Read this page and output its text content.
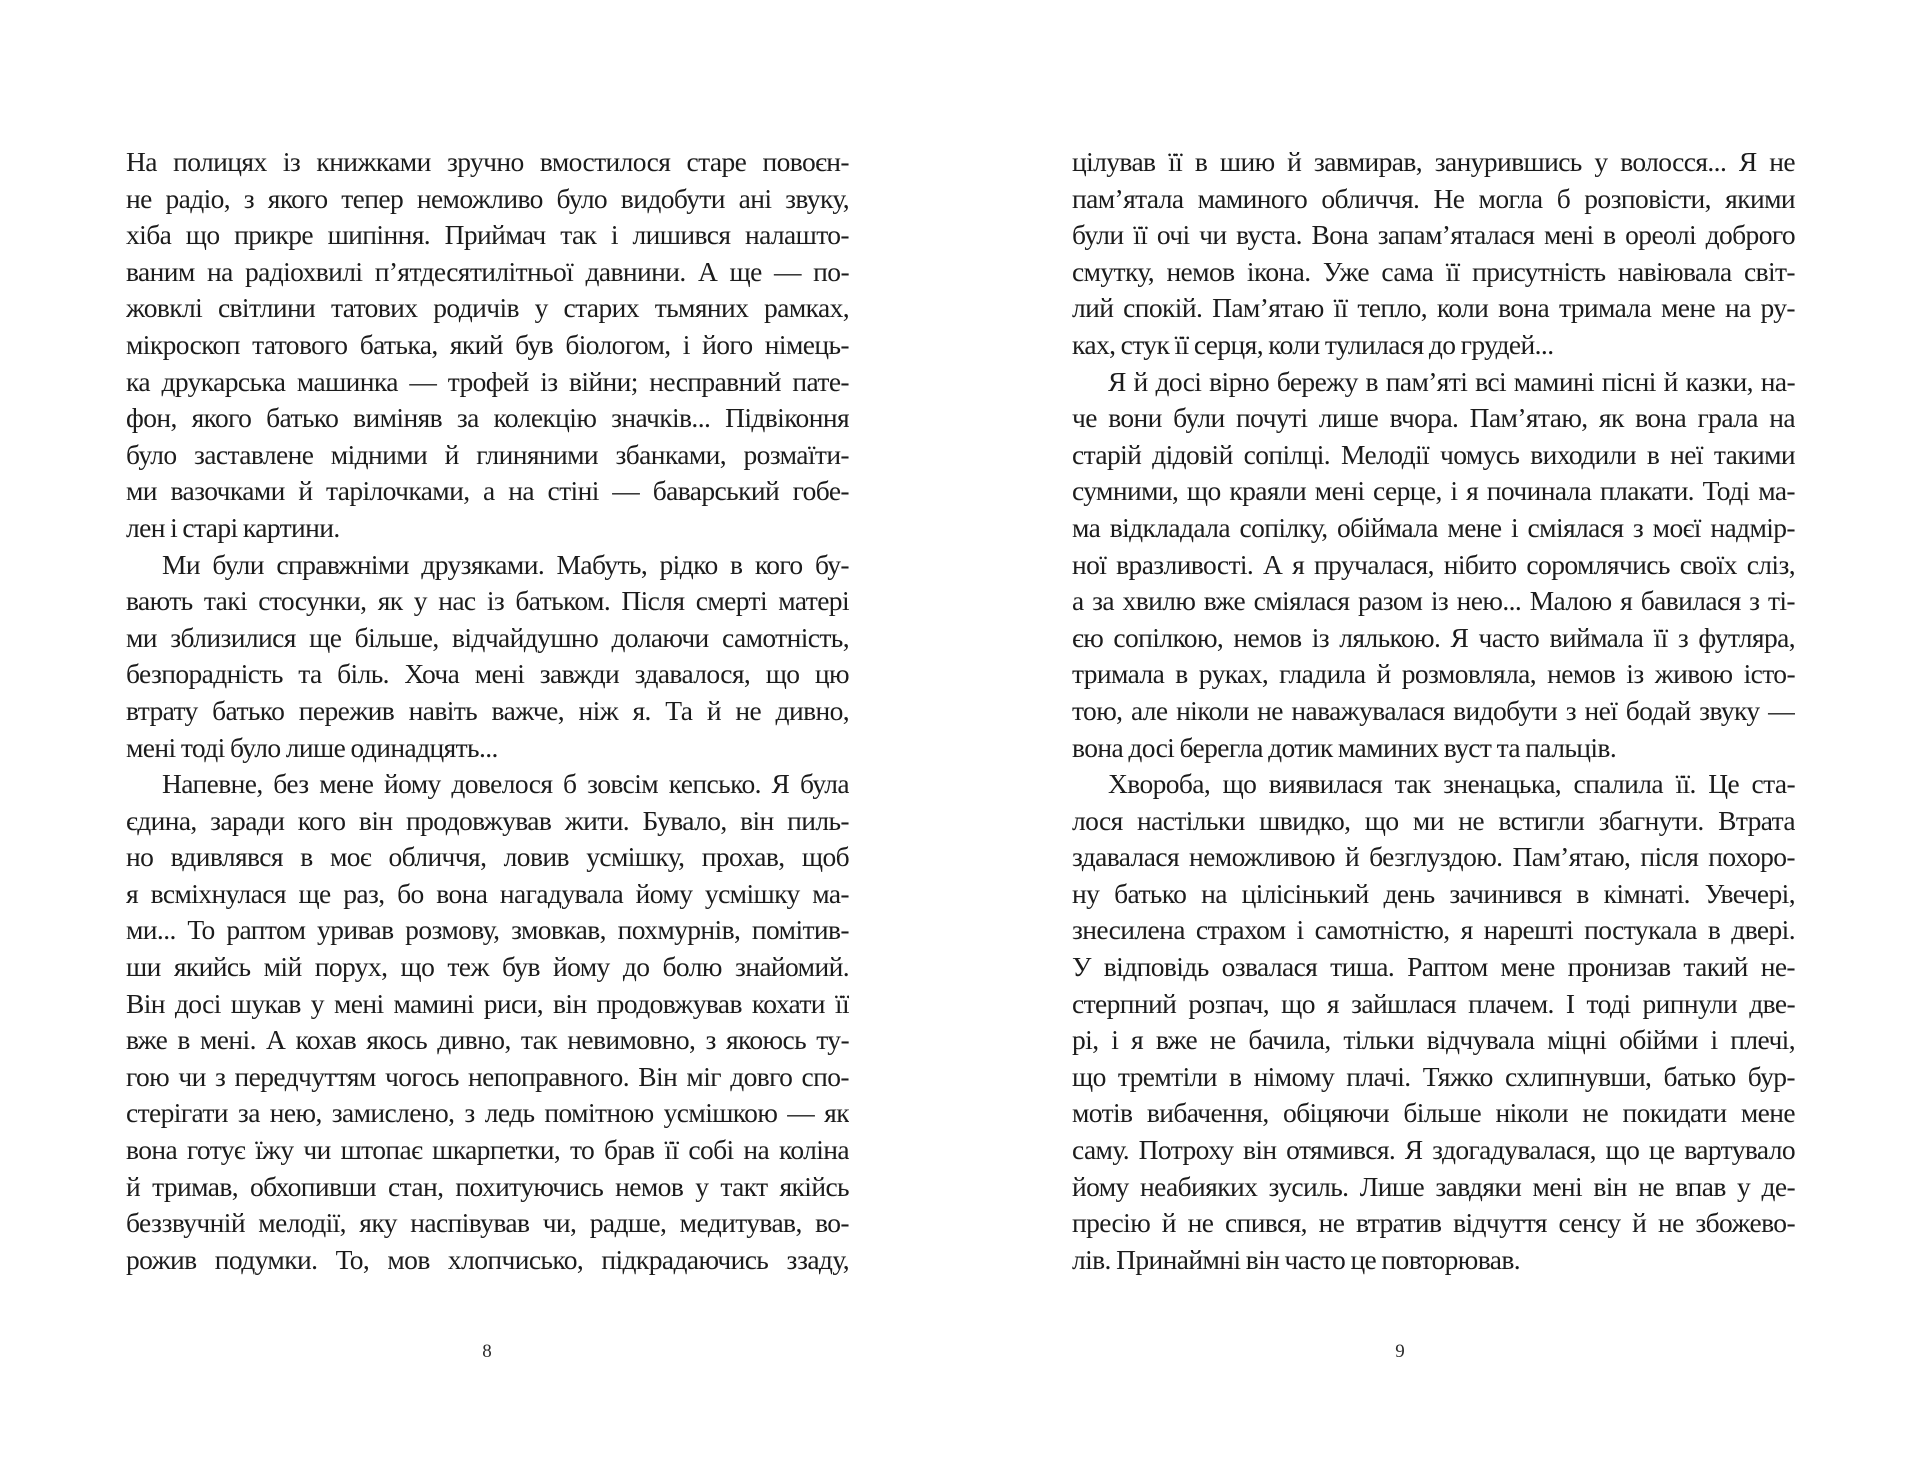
На полицях із книжками зручно вмостилося старе повоєн-
не радіо, з якого тепер неможливо було видобути ані звуку,
хіба що прикре шипіння. Приймач так і лишився налашто-
ваним на радіохвилі п’ятдесятилітньої давнини. А ще — по-
жовклі світлини татових родичів у старих тьмяних рамках,
мікроскоп татового батька, який був біологом, і його німець-
ка друкарська машинка — трофей із війни; несправний пате-
фон, якого батько виміняв за колекцію значків... Підвіконня
було заставлене мідними й глиняними збанками, розмаїти-
ми вазочками й тарілочками, а на стіні — баварський гобе-
лен і старі картини.
Ми були справжніми друзяками. Мабуть, рідко в кого бу-
вають такі стосунки, як у нас із батьком. Після смерті матері
ми зблизилися ще більше, відчайдушно долаючи самотність,
безпорадність та біль. Хоча мені завжди здавалося, що цю
втрату батько пережив навіть важче, ніж я. Та й не дивно,
мені тоді було лише одинадцять...
Напевне, без мене йому довелося б зовсім кепсько. Я була
єдина, заради кого він продовжував жити. Бувало, він пиль-
но вдивлявся в моє обличчя, ловив усмішку, прохав, щоб
я всміхнулася ще раз, бо вона нагадувала йому усмішку ма-
ми... То раптом уривав розмову, змовкав, похмурнів, помітив-
ши якийсь мій порух, що теж був йому до болю знайомий.
Він досі шукав у мені мамині риси, він продовжував кохати її
вже в мені. А кохав якось дивно, так невимовно, з якоюсь ту-
гою чи з передчуттям чогось непоправного. Він міг довго спо-
стерігати за нею, замислено, з ледь помітною усмішкою — як
вона готує їжу чи штопає шкарпетки, то брав її собі на коліна
й тримав, обхопивши стан, похитуючись немов у такт якійсь
беззвучній мелодії, яку наспівував чи, радше, медитував, во-
рожив подумки. То, мов хлопчисько, підкрадаючись ззаду,
8
цілував її в шию й завмирав, занурившись у волосся... Я не
пам’ятала маминого обличчя. Не могла б розповісти, якими
були її очі чи вуста. Вона запам’яталася мені в ореолі доброго
смутку, немов ікона. Уже сама її присутність навіювала світ-
лий спокій. Пам’ятаю її тепло, коли вона тримала мене на ру-
ках, стук її серця, коли тулилася до грудей...
Я й досі вірно бережу в пам’яті всі мамині пісні й казки, на-
че вони були почуті лише вчора. Пам’ятаю, як вона грала на
старій дідовій сопілці. Мелодії чомусь виходили в неї такими
сумними, що краяли мені серце, і я починала плакати. Тоді ма-
ма відкладала сопілку, обіймала мене і сміялася з моєї надмір-
ної вразливості. А я пручалася, нібито соромлячись своїх сліз,
а за хвилю вже сміялася разом із нею... Малою я бавилася з ті-
єю сопілкою, немов із лялькою. Я часто виймала її з футляра,
тримала в руках, гладила й розмовляла, немов із живою істо-
тою, але ніколи не наважувалася видобути з неї бодай звуку —
вона досі берегла дотик маминих вуст та пальців.
Хвороба, що виявилася так зненацька, спалила її. Це ста-
лося настільки швидко, що ми не встигли збагнути. Втрата
здавалася неможливою й безглуздою. Пам’ятаю, після похоро-
ну батько на цілісінький день зачинився в кімнаті. Увечері,
знесилена страхом і самотністю, я нарешті постукала в двері.
У відповідь озвалася тиша. Раптом мене пронизав такий не-
стерпний розпач, що я зайшлася плачем. І тоді рипнули две-
рі, і я вже не бачила, тільки відчувала міцні обійми і плечі,
що тремтіли в німому плачі. Тяжко схлипнувши, батько бур-
мотів вибачення, обіцяючи більше ніколи не покидати мене
саму. Потроху він отямився. Я здогадувалася, що це вартувало
йому неабияких зусиль. Лише завдяки мені він не впав у де-
пресію й не спився, не втратив відчуття сенсу й не збожево-
лів. Принаймні він часто це повторював.
9
